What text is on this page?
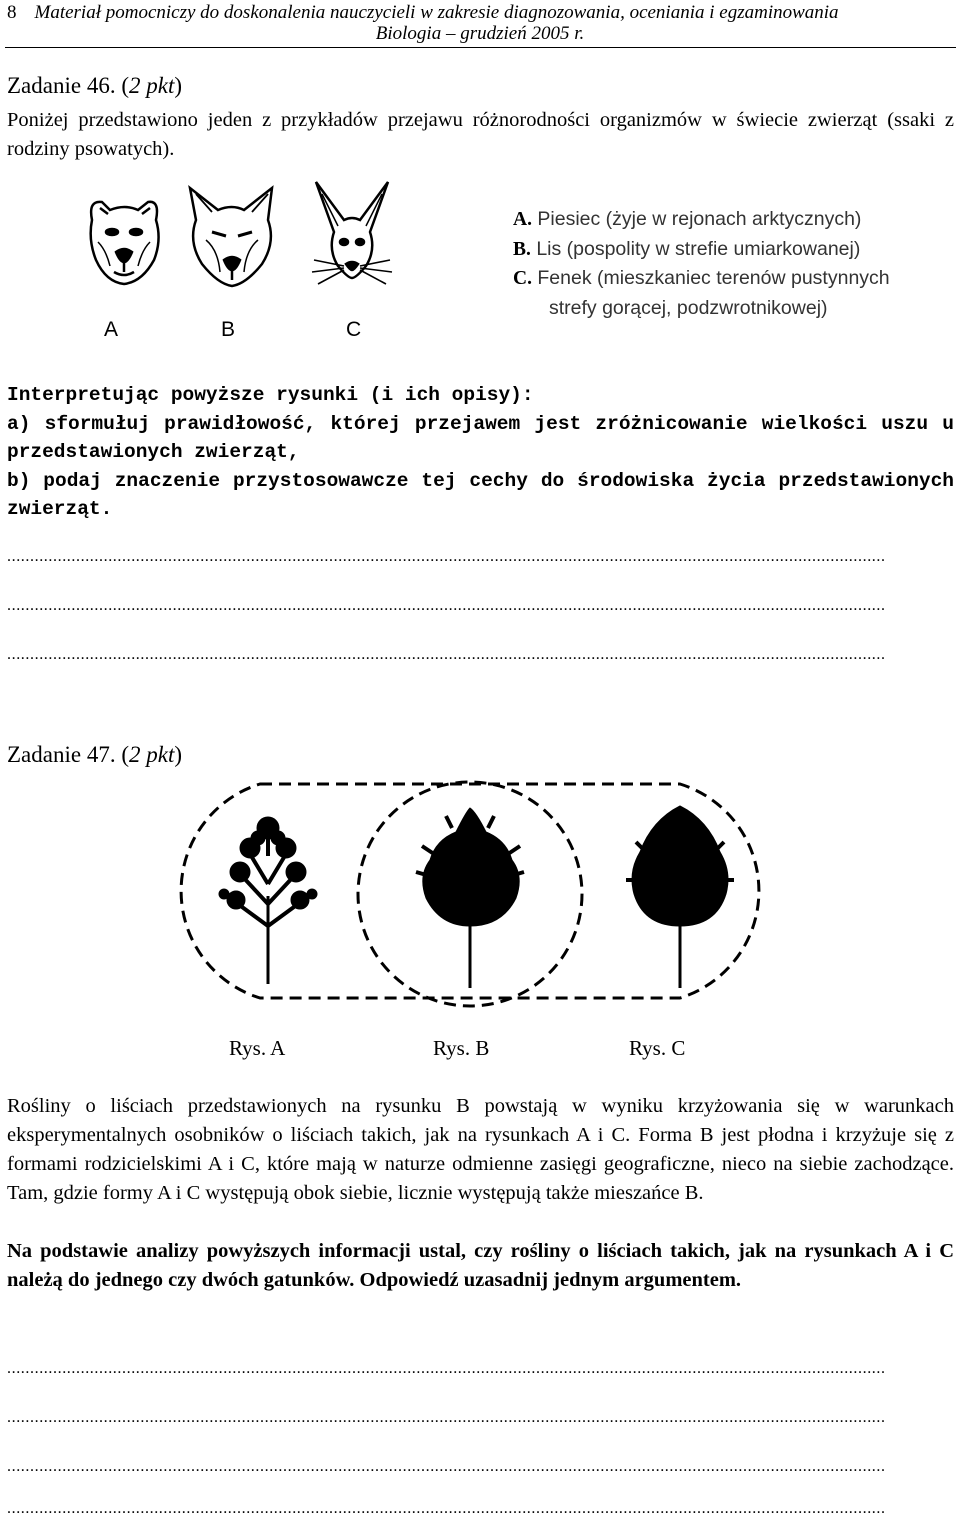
8 Materiał pomocniczy do doskonalenia nauczycieli w zakresie diagnozowania, oceniania i egzaminowania
Biologia – grudzień 2005 r.
Zadanie 46. (2 pkt)
Poniżej przedstawiono jeden z przykładów przejawu różnorodności organizmów w świecie zwierząt (ssaki z rodziny psowatych).
A	B	C
A. Piesiec (żyje w rejonach arktycznych)
B. Lis (pospolity w strefie umiarkowanej)
C. Fenek (mieszkaniec terenów pustynnych
strefy gorącej, podzwrotnikowej)
Interpretując powyższe rysunki (i ich opisy):
a) sformułuj prawidłowość, której przejawem jest zróżnicowanie wielkości uszu u przedstawionych zwierząt,
b) podaj znaczenie przystosowawcze tej cechy do środowiska życia przedstawionych zwierząt.
...............................................................................................................................................................................................
...............................................................................................................................................................................................
...............................................................................................................................................................................................
Zadanie 47. (2 pkt)
Rys. A	Rys. B	Rys. C
Rośliny o liściach przedstawionych na rysunku B powstają w wyniku krzyżowania się w warunkach eksperymentalnych osobników o liściach takich, jak na rysunkach A i C. Forma B jest płodna i krzyżuje się z formami rodzicielskimi A i C, które mają w naturze odmienne zasięgi geograficzne, nieco na siebie zachodzące. Tam, gdzie formy A i C występują obok siebie, licznie występują także mieszańce B.
Na podstawie analizy powyższych informacji ustal, czy rośliny o liściach takich, jak na rysunkach A i C należą do jednego czy dwóch gatunków. Odpowiedź uzasadnij jednym argumentem.
...............................................................................................................................................................................................
...............................................................................................................................................................................................
...............................................................................................................................................................................................
...............................................................................................................................................................................................
